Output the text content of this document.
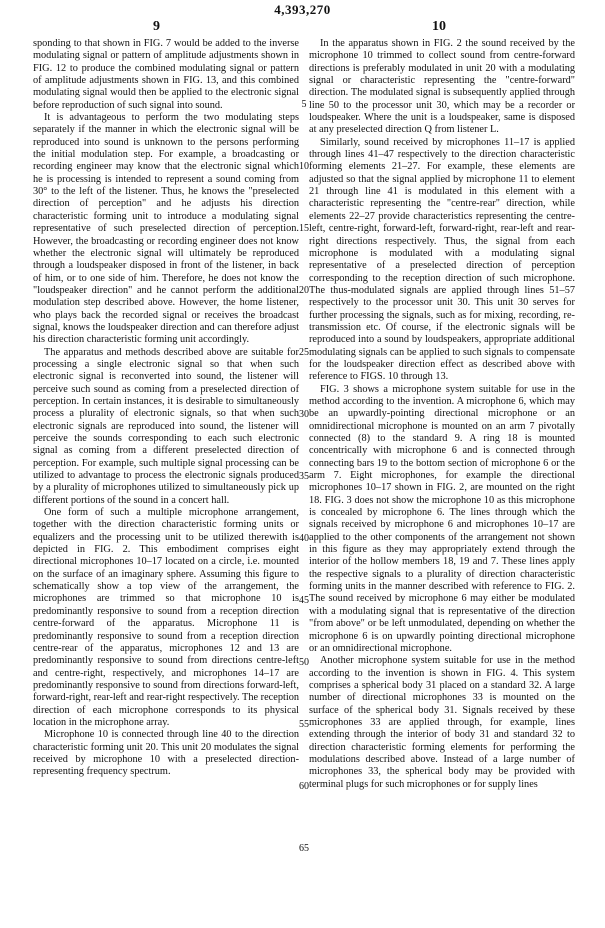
4,393,270
9	10

sponding to that shown in FIG. 7 would be added to the inverse modulating signal or pattern of amplitude adjustments shown in FIG. 12 to produce the combined modulating signal or pattern of amplitude adjustments shown in FIG. 13, and this combined modulating signal would then be applied to the electronic signal before reproduction of such signal into sound.

It is advantageous to perform the two modulating steps separately if the manner in which the electronic signal will be reproduced into sound is unknown to the persons performing the initial modulation step. For example, a broadcasting or recording engineer may know that the electronic signal which he is processing is intended to represent a sound coming from 30° to the left of the listener. Thus, he knows the "preselected direction of perception" and he adjusts his direction characteristic forming unit to introduce a modulating signal representative of such preselected direction of perception. However, the broadcasting or recording engineer does not know whether the electronic signal will ultimately be reproduced through a loudspeaker disposed in front of the listener, in back of him, or to one side of him. Therefore, he does not know the "loudspeaker direction" and he cannot perform the additional modulation step described above. However, the home listener, who plays back the recorded signal or receives the broadcast signal, knows the loudspeaker direction and can therefore adjust his direction characteristic forming unit accordingly.

The apparatus and methods described above are suitable for processing a single electronic signal so that when such electronic signal is reconverted into sound, the listener will perceive such sound as coming from a preselected direction of perception. In certain instances, it is desirable to simultaneously process a plurality of electronic signals, so that when such electronic signals are reproduced into sound, the listener will perceive the sounds corresponding to each such electronic signal as coming from a different preselected direction of perception. For example, such multiple signal processing can be utilized to advantage to process the electronic signals produced by a plurality of microphones utilized to simultaneously pick up different portions of the sound in a concert hall.

One form of such a multiple microphone arrangement, together with the direction characteristic forming units or equalizers and the processing unit to be utilized therewith is depicted in FIG. 2. This embodiment comprises eight directional microphones 10–17 located on a circle, i.e. mounted on the surface of an imaginary sphere. Assuming this figure to schematically show a top view of the arrangement, the microphones are trimmed so that microphone 10 is predominantly responsive to sound from a reception direction centre-forward of the apparatus. Microphone 11 is predominantly responsive to sound from a reception direction centre-rear of the apparatus, microphones 12 and 13 are predominantly responsive to sound from directions centre-left and centre-right, respectively, and microphones 14–17 are predominantly responsive to sound from directions forward-left, forward-right, rear-left and rear-right respectively. The reception direction of each microphone corresponds to its physical location in the microphone array.

Microphone 10 is connected through line 40 to the direction characteristic forming unit 20. This unit 20 modulates the signal received by microphone 10 with a preselected direction-representing frequency spectrum.

In the apparatus shown in FIG. 2 the sound received by the microphone 10 trimmed to collect sound from centre-forward directions is preferably modulated in unit 20 with a modulating signal or characteristic representing the "centre-forward" direction. The modulated signal is subsequently applied through line 50 to the processor unit 30, which may be a recorder or loudspeaker. Where the unit is a loudspeaker, same is disposed at any preselected direction Q from listener L.

Similarly, sound received by microphones 11–17 is applied through lines 41–47 respectively to the direction characteristic forming elements 21–27. For example, these elements are adjusted so that the signal applied by microphone 11 to element 21 through line 41 is modulated in this element with a characteristic representing the "centre-rear" direction, while elements 22–27 provide characteristics representing the centre-left, centre-right, forward-left, forward-right, rear-left and rear-right directions respectively. Thus, the signal from each microphone is modulated with a modulating signal representative of a preselected direction of perception corresponding to the reception direction of such microphone. The thus-modulated signals are applied through lines 51–57 respectively to the processor unit 30. This unit 30 serves for further processing the signals, such as for mixing, recording, re-transmission etc. Of course, if the electronic signals will be reproduced into a sound by loudspeakers, appropriate additional modulating signals can be applied to such signals to compensate for the loudspeaker direction effect as described above with reference to FIGS. 10 through 13.

FIG. 3 shows a microphone system suitable for use in the method according to the invention. A microphone 6, which may be an upwardly-pointing directional microphone or an omnidirectional microphone is mounted on an arm 7 pivotally connected (8) to the standard 9. A ring 18 is mounted concentrically with microphone 6 and is connected through connecting bars 19 to the bottom section of microphone 6 or the arm 7. Eight microphones, for example the directional microphones 10–17 shown in FIG. 2, are mounted on the right 18. FIG. 3 does not show the microphone 10 as this microphone is concealed by microphone 6. The lines through which the signals received by microphone 6 and microphones 10–17 are applied to the other components of the arrangement not shown in this figure as they may appropriately extend through the interior of the hollow members 18, 19 and 7. These lines apply the respective signals to a plurality of direction characteristic forming units in the manner described with reference to FIG. 2. The sound received by microphone 6 may either be modulated with a modulating signal that is representative of the direction "from above" or be left unmodulated, depending on whether the microphone 6 is on upwardly pointing directional microphone or an omnidirectional microphone.

Another microphone system suitable for use in the method according to the invention is shown in FIG. 4. This system comprises a spherical body 31 placed on a standard 32. A large number of directional microphones 33 is mounted on the surface of the spherical body 31. Signals received by these microphones 33 are applied through, for example, lines extending through the interior of body 31 and standard 32 to direction characteristic forming elements for performing the modulations described above. Instead of a large number of microphones 33, the spherical body may be provided with terminal plugs for such microphones or for supply lines

5
10
15
20
25
30
35
40
45
50
55
60
65
